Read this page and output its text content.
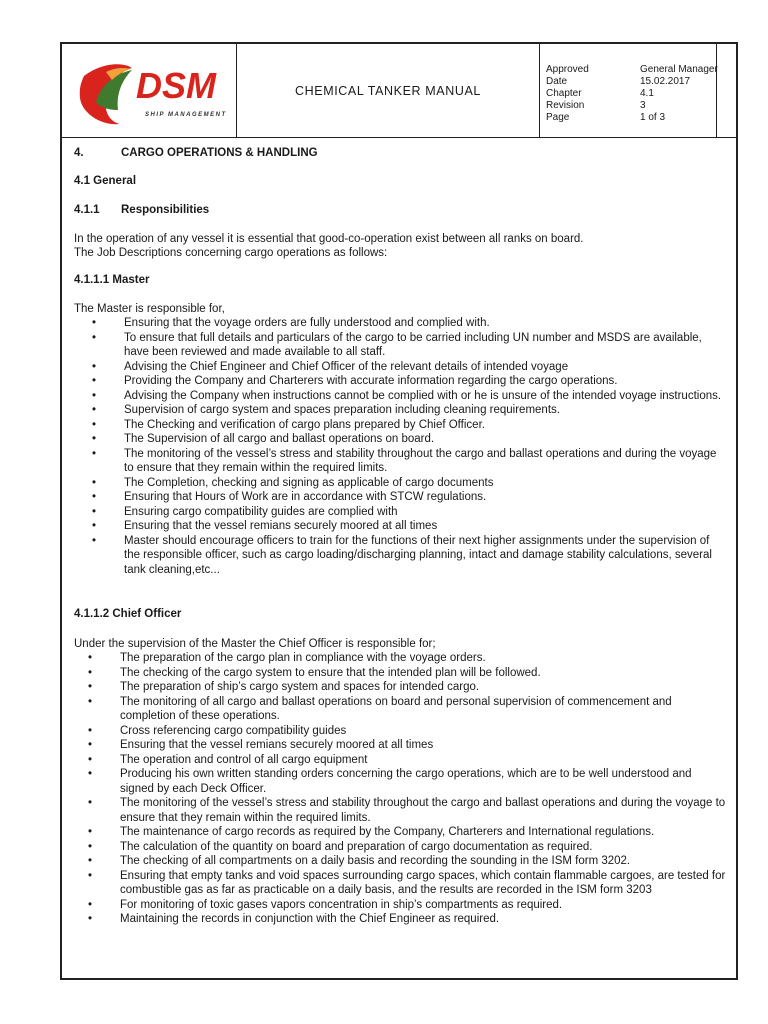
DSM
SHIP MANAGEMENT
CHEMICAL TANKER MANUAL
Approved	General Manager
Date	15.02.2017
Chapter	4.1
Revision	3
Page	1 of 3
4.	CARGO OPERATIONS & HANDLING
4.1 General
4.1.1 Responsibilities
In the operation of any vessel it is essential that good-co-operation exist between all ranks on board.
The Job Descriptions concerning cargo operations as follows:
4.1.1.1 Master
The Master is responsible for,
• Ensuring that the voyage orders are fully understood and complied with.
• To ensure that full details and particulars of the cargo to be carried including UN number and MSDS are available, have been reviewed and made available to all staff.
• Advising the Chief Engineer and Chief Officer of the relevant details of intended voyage
• Providing the Company and Charterers with accurate information regarding the cargo operations.
• Advising the Company when instructions cannot be complied with or he is unsure of the intended voyage instructions.
• Supervision of cargo system and spaces preparation including cleaning requirements.
• The Checking and verification of cargo plans prepared by Chief Officer.
• The Supervision of all cargo and ballast operations on board.
• The monitoring of the vessel’s stress and stability throughout the cargo and ballast operations and during the voyage to ensure that they remain within the required limits.
• The Completion, checking and signing as applicable of cargo documents
• Ensuring that Hours of Work are in accordance with STCW regulations.
• Ensuring cargo compatibility guides are complied with
• Ensuring that the vessel remians securely moored at all times
• Master should encourage officers to train for the functions of their next higher assignments under the supervision of the responsible officer, such as cargo loading/discharging planning, intact and damage stability calculations, several tank cleaning,etc...
4.1.1.2 Chief Officer
Under the supervision of the Master the Chief Officer is responsible for;
• The preparation of the cargo plan in compliance with the voyage orders.
• The checking of the cargo system to ensure that the intended plan will be followed.
• The preparation of ship’s cargo system and spaces for intended cargo.
• The monitoring of all cargo and ballast operations on board and personal supervision of commencement and completion of these operations.
• Cross referencing cargo compatibility guides
• Ensuring that the vessel remians securely moored at all times
• The operation and control of all cargo equipment
• Producing his own written standing orders concerning the cargo operations, which are to be well understood and signed by each Deck Officer.
• The monitoring of the vessel’s stress and stability throughout the cargo and ballast operations and during the voyage to ensure that they remain within the required limits.
• The maintenance of cargo records as required by the Company, Charterers and International regulations.
• The calculation of the quantity on board and preparation of cargo documentation as required.
• The checking of all compartments on a daily basis and recording the sounding in the ISM form 3202.
• Ensuring that empty tanks and void spaces surrounding cargo spaces, which contain flammable cargoes, are tested for combustible gas as far as practicable on a daily basis, and the results are recorded in the ISM form 3203
• For monitoring of toxic gases vapors concentration in ship’s compartments as required.
• Maintaining the records in conjunction with the Chief Engineer as required.
